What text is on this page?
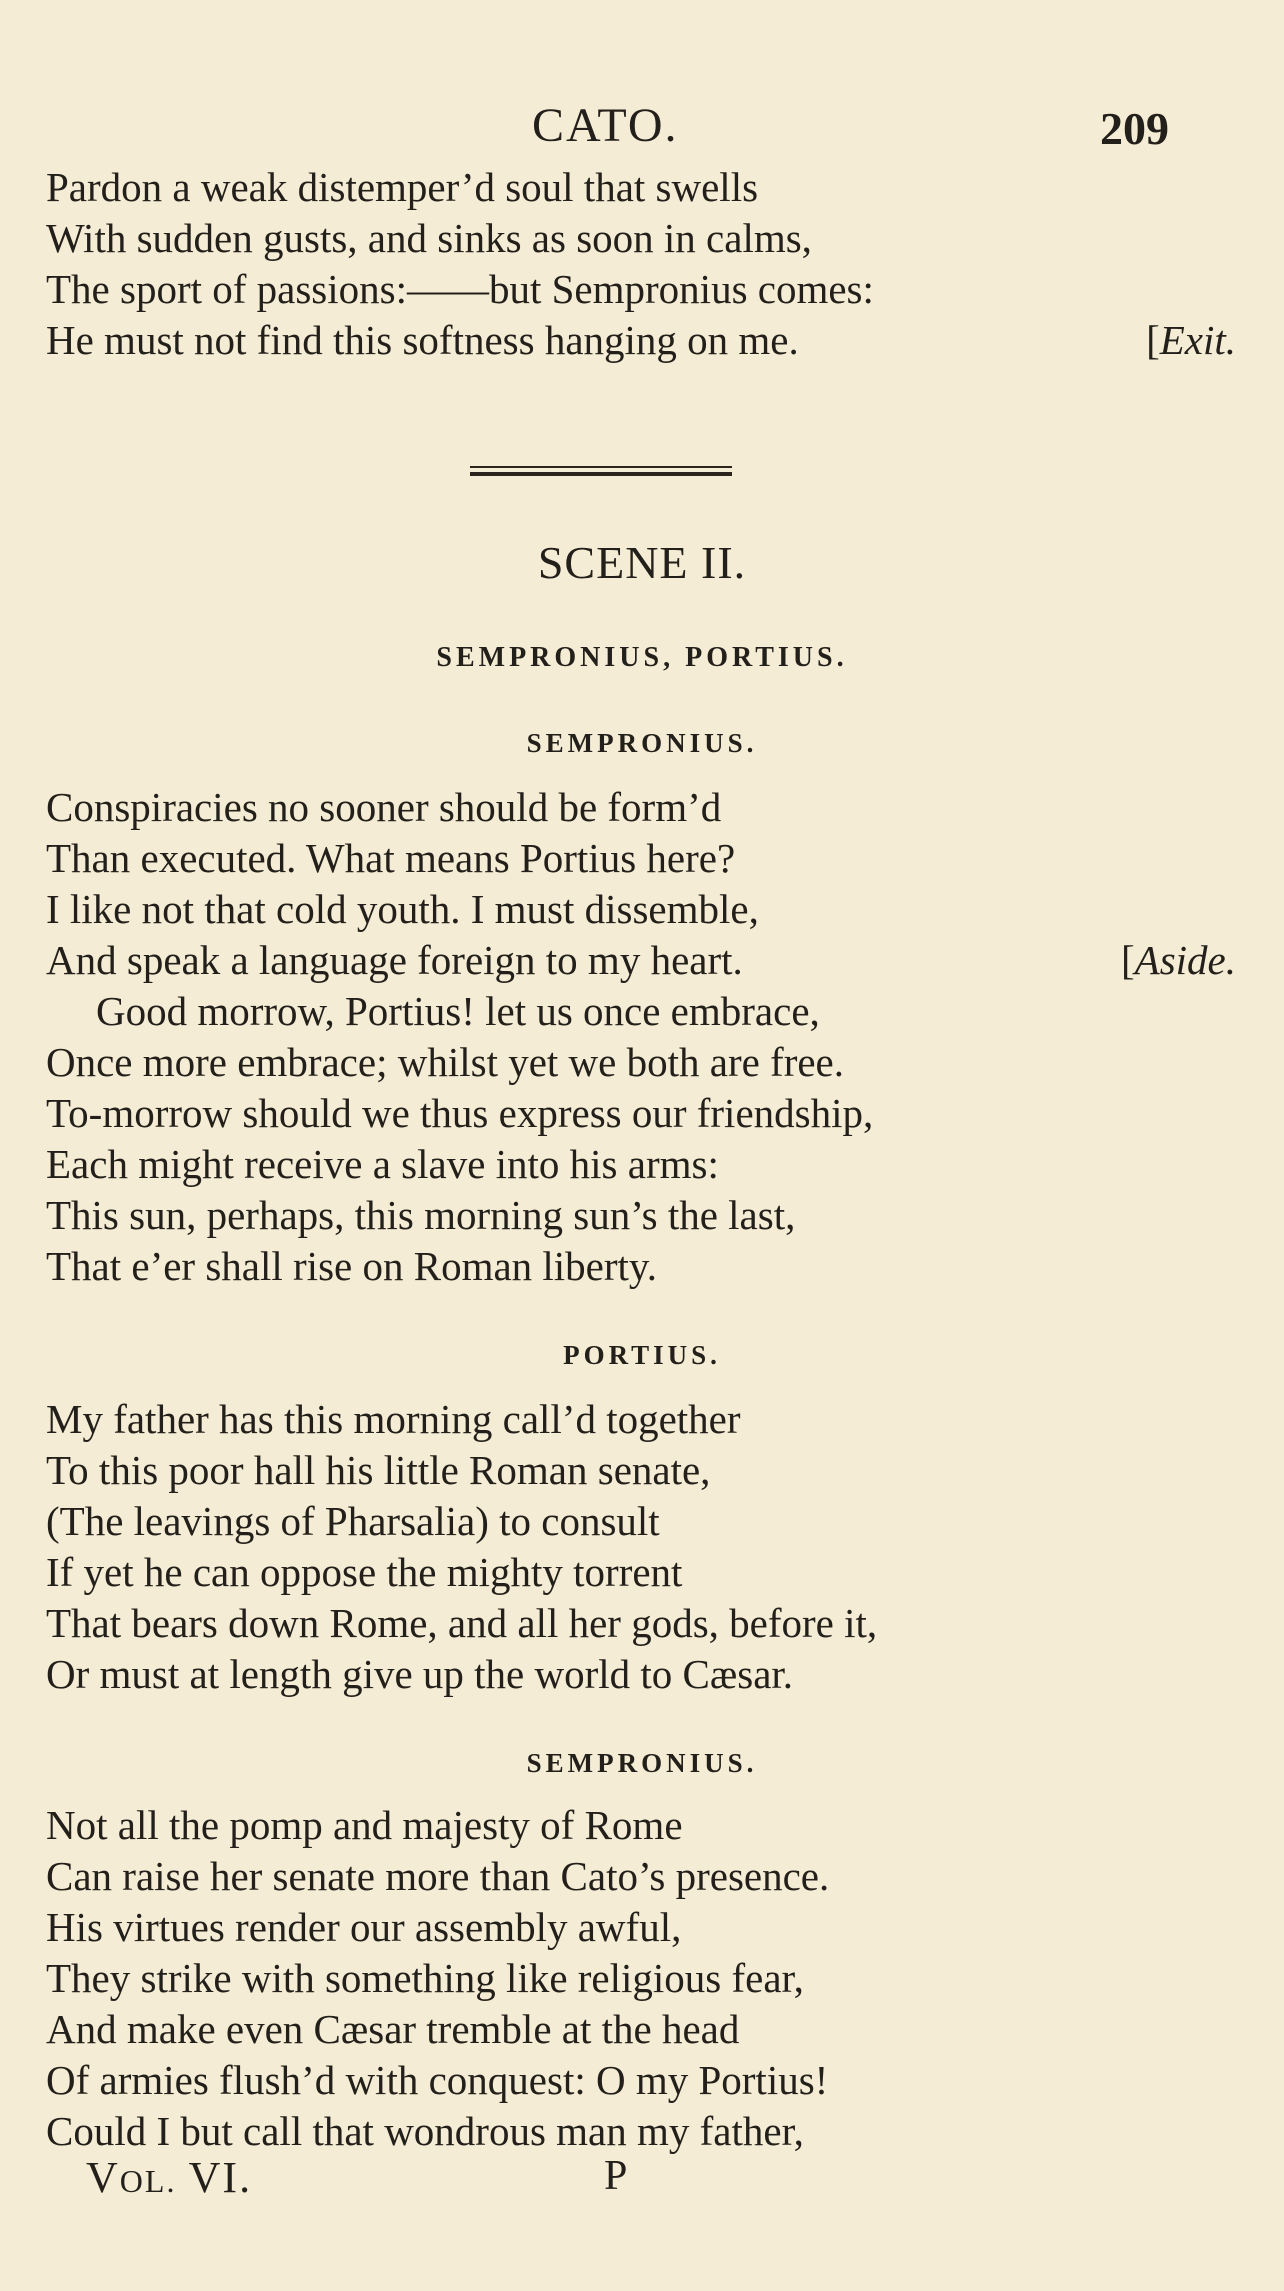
CATO.	209
Pardon a weak distemper’d soul that swells
With sudden gusts, and sinks as soon in calms,
The sport of passions:——but Sempronius comes:
He must not find this softness hanging on me.	[Exit.
SCENE II.
SEMPRONIUS, PORTIUS.
SEMPRONIUS.
Conspiracies no sooner should be form’d
Than executed. What means Portius here?
I like not that cold youth. I must dissemble,
And speak a language foreign to my heart.	[Aside.
Good morrow, Portius! let us once embrace,
Once more embrace; whilst yet we both are free.
To-morrow should we thus express our friendship,
Each might receive a slave into his arms:
This sun, perhaps, this morning sun’s the last,
That e’er shall rise on Roman liberty.
PORTIUS.
My father has this morning call’d together
To this poor hall his little Roman senate,
(The leavings of Pharsalia) to consult
If yet he can oppose the mighty torrent
That bears down Rome, and all her gods, before it,
Or must at length give up the world to Cæsar.
SEMPRONIUS.
Not all the pomp and majesty of Rome
Can raise her senate more than Cato’s presence.
His virtues render our assembly awful,
They strike with something like religious fear,
And make even Cæsar tremble at the head
Of armies flush’d with conquest: O my Portius!
Could I but call that wondrous man my father,
VOL. VI.	P
